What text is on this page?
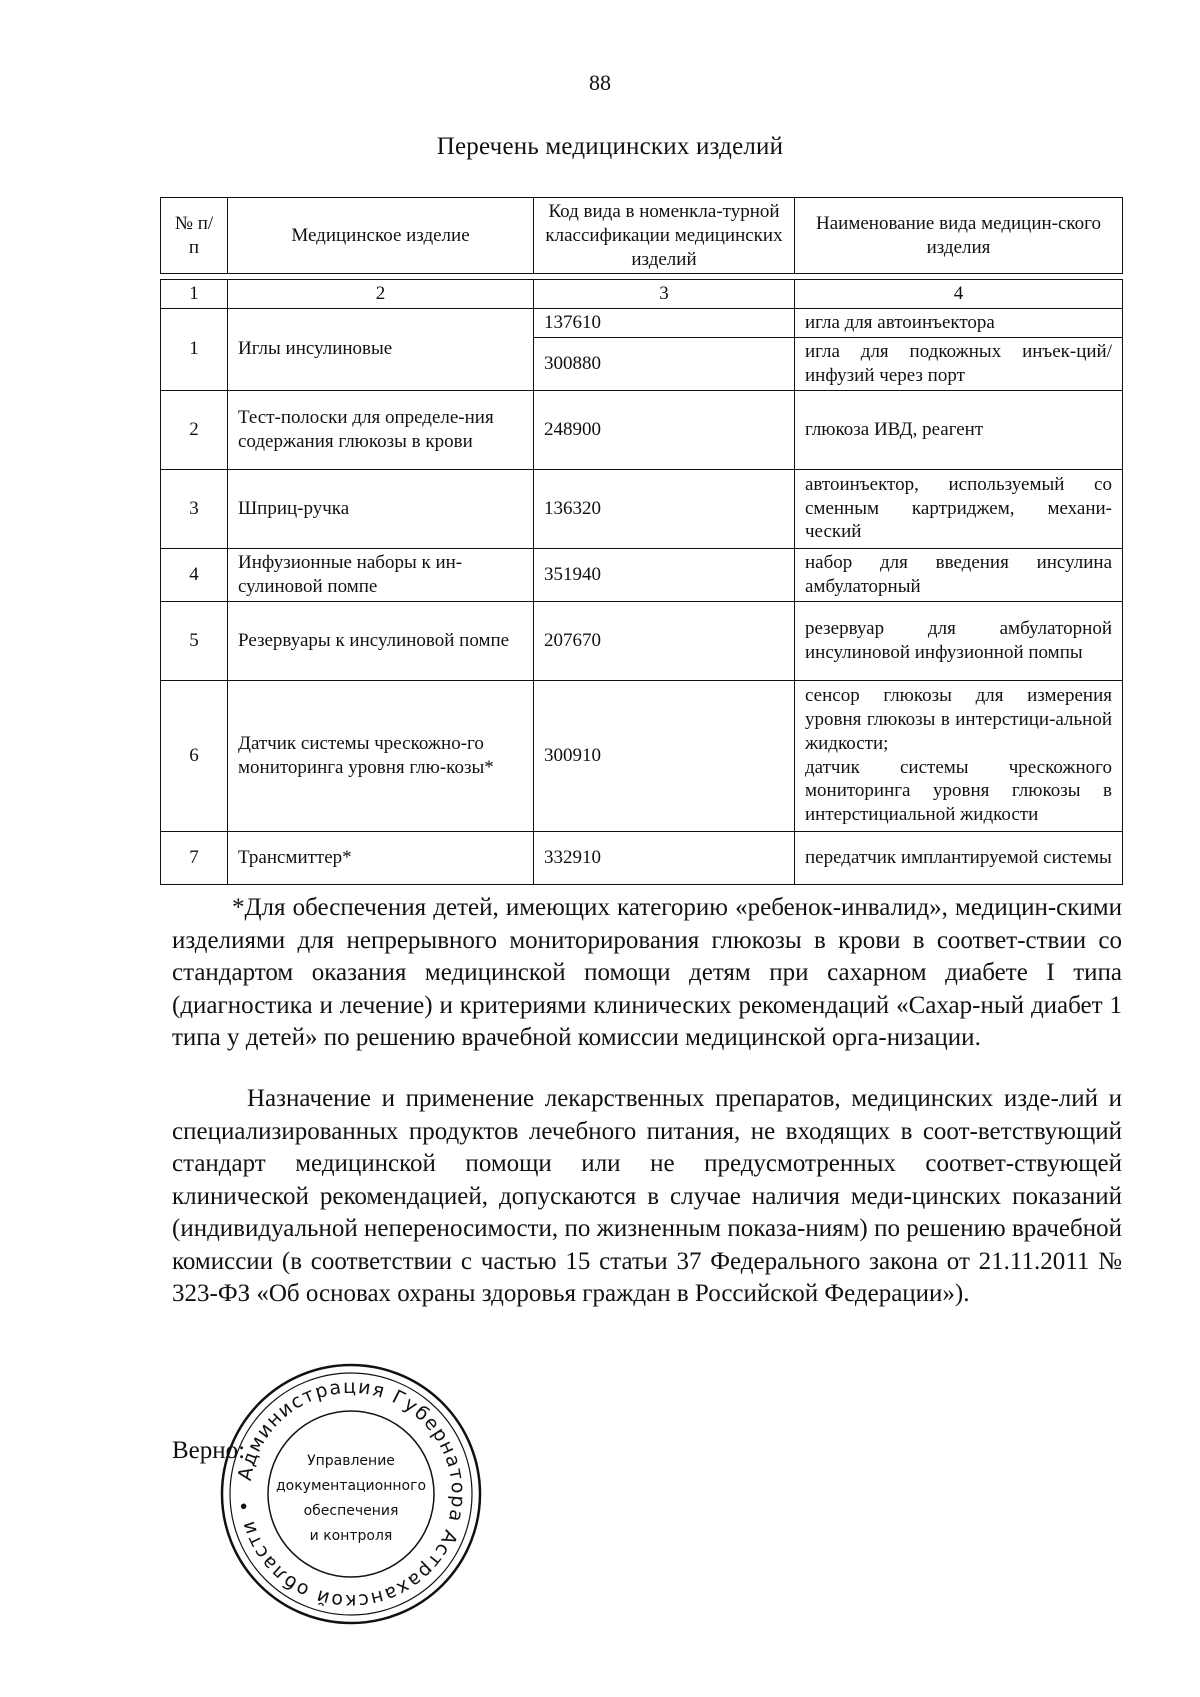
88
Перечень медицинских изделий
№ п/п	Медицинское изделие	Код вида в номенкла-турной классификации медицинских изделий	Наименование вида медицин-ского изделия

1	2	3	4
1	Иглы инсулиновые	137610	игла для автоинъектора
		300880	игла для подкожных инъек-ций/инфузий через порт
2	Тест-полоски для определе-ния содержания глюкозы в крови	248900	глюкоза ИВД, реагент
3	Шприц-ручка	136320	автоинъектор, используемый со сменным картриджем, механи-ческий
4	Инфузионные наборы к ин-сулиновой помпе	351940	набор для введения инсулина амбулаторный
5	Резервуары к инсулиновой помпе	207670	резервуар для амбулаторной инсулиновой инфузионной помпы
6	Датчик системы чрескожно-го мониторинга уровня глю-козы*	300910	сенсор глюкозы для измерения уровня глюкозы в интерстици-альной жидкости;
датчик системы чрескожного мониторинга уровня глюкозы в интерстициальной жидкости

7	Трансмиттер*	332910	передатчик имплантируемой системы
*Для обеспечения детей, имеющих категорию «ребенок-инвалид», медицин-скими изделиями для непрерывного мониторирования глюкозы в крови в соответ-ствии со стандартом оказания медицинской помощи детям при сахарном диабете I типа (диагностика и лечение) и критериями клинических рекомендаций «Сахар-ный диабет 1 типа у детей» по решению врачебной комиссии медицинской орга-низации.
Назначение и применение лекарственных препаратов, медицинских изде-лий и специализированных продуктов лечебного питания, не входящих в соот-ветствующий стандарт медицинской помощи или не предусмотренных соответ-ствующей клинической рекомендацией, допускаются в случае наличия меди-цинских показаний (индивидуальной непереносимости, по жизненным показа-ниям) по решению врачебной комиссии (в соответствии с частью 15 статьи 37 Федерального закона от 21.11.2011 № 323-ФЗ «Об основах охраны здоровья граждан в Российской Федерации»).
Верно:
Администрация Губернатора Астраханской области •
Управление
документационного
обеспечения
и контроля
